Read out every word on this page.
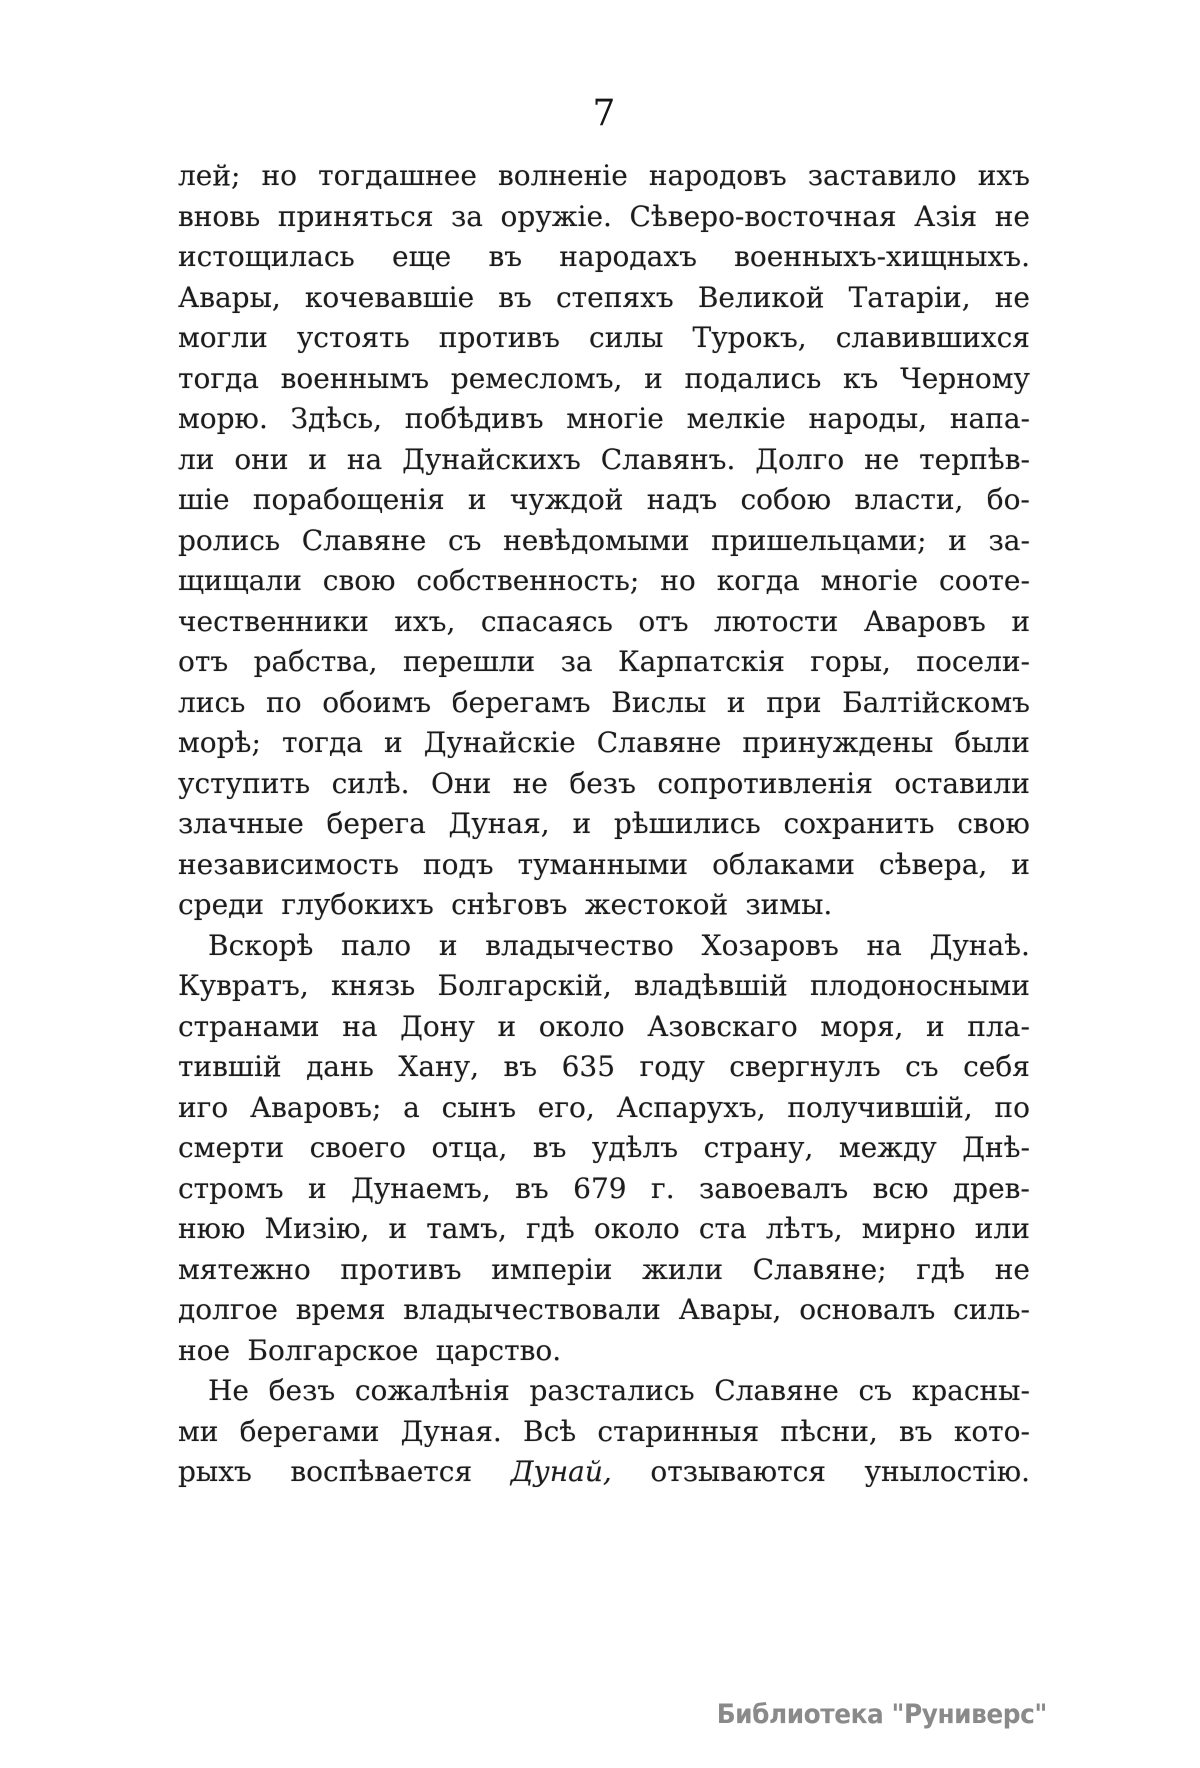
7
лей; но тогдашнее волненіе народовъ заставило ихъ
вновь приняться за оружіе. Сѣверо-восточная Азія не
истощилась еще въ народахъ военныхъ-хищныхъ.
Авары, кочевавшіе въ степяхъ Великой Татаріи, не
могли устоять противъ силы Турокъ, славившихся
тогда военнымъ ремесломъ, и подались къ Черному
морю. Здѣсь, побѣдивъ многіе мелкіе народы, напа-
ли они и на Дунайскихъ Славянъ. Долго не терпѣв-
шіе порабощенія и чуждой надъ собою власти, бо-
ролись Славяне съ невѣдомыми пришельцами; и за-
щищали свою собственность; но когда многіе сооте-
чественники ихъ, спасаясь отъ лютости Аваровъ и
отъ рабства, перешли за Карпатскія горы, посели-
лись по обоимъ берегамъ Вислы и при Балтійскомъ
морѣ; тогда и Дунайскіе Славяне принуждены были
уступить силѣ. Они не безъ сопротивленія оставили
злачные берега Дуная, и рѣшились сохранить свою
независимость подъ туманными облаками сѣвера, и
среди глубокихъ снѣговъ жестокой зимы.
Вскорѣ пало и владычество Хозаровъ на Дунаѣ.
Кувратъ, князь Болгарскій, владѣвшій плодоносными
странами на Дону и около Азовскаго моря, и пла-
тившій дань Хану, въ 635 году свергнулъ съ себя
иго Аваровъ; а сынъ его, Аспарухъ, получившій, по
смерти своего отца, въ удѣлъ страну, между Днѣ-
стромъ и Дунаемъ, въ 679 г. завоевалъ всю древ-
нюю Мизію, и тамъ, гдѣ около ста лѣтъ, мирно или
мятежно противъ имперіи жили Славяне; гдѣ не
долгое время владычествовали Авары, основалъ силь-
ное Болгарское царство.
Не безъ сожалѣнія разстались Славяне съ красны-
ми берегами Дуная. Всѣ старинныя пѣсни, въ кото-
рыхъ воспѣвается Дунай, отзываются унылостію.
Библиотека "Руниверс"
